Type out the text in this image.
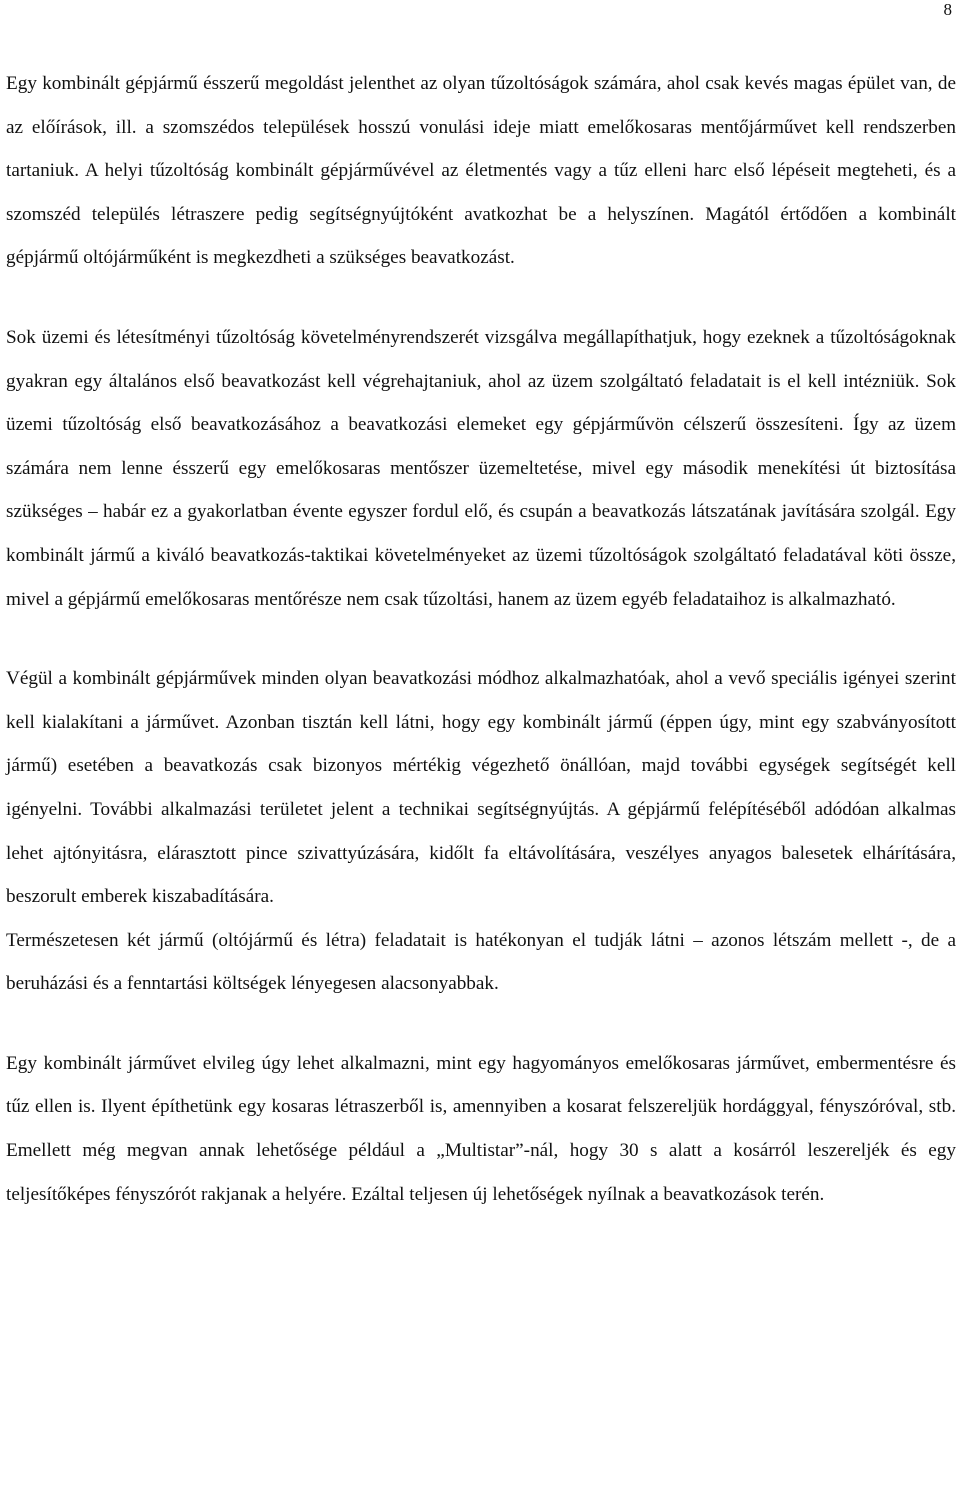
8

Egy kombinált gépjármű ésszerű megoldást jelenthet az olyan tűzoltóságok számára, ahol csak kevés magas épület van, de az előírások, ill. a szomszédos települések hosszú vonulási ideje miatt emelőkosaras mentőjárművet kell rendszerben tartaniuk. A helyi tűzoltóság kombinált gépjárművével az életmentés vagy a tűz elleni harc első lépéseit megteheti, és a szomszéd település létraszere pedig segítségnyújtóként avatkozhat be a helyszínen. Magától értődően a kombinált gépjármű oltójárműként is megkezdheti a szükséges beavatkozást.

Sok üzemi és létesítményi tűzoltóság követelményrendszerét vizsgálva megállapíthatjuk, hogy ezeknek a tűzoltóságoknak gyakran egy általános első beavatkozást kell végrehajtaniuk, ahol az üzem szolgáltató feladatait is el kell intézniük. Sok üzemi tűzoltóság első beavatkozásához a beavatkozási elemeket egy gépjárművön célszerű összesíteni. Így az üzem számára nem lenne ésszerű egy emelőkosaras mentőszer üzemeltetése, mivel egy második menekítési út biztosítása szükséges – habár ez a gyakorlatban évente egyszer fordul elő, és csupán a beavatkozás látszatának javítására szolgál. Egy kombinált jármű a kiváló beavatkozás-taktikai követelményeket az üzemi tűzoltóságok szolgáltató feladatával köti össze, mivel a gépjármű emelőkosaras mentőrésze nem csak tűzoltási, hanem az üzem egyéb feladataihoz is alkalmazható.

Végül a kombinált gépjárművek minden olyan beavatkozási módhoz alkalmazhatóak, ahol a vevő speciális igényei szerint kell kialakítani a járművet. Azonban tisztán kell látni, hogy egy kombinált jármű (éppen úgy, mint egy szabványosított jármű) esetében a beavatkozás csak bizonyos mértékig végezhető önállóan, majd további egységek segítségét kell igényelni. További alkalmazási területet jelent a technikai segítségnyújtás. A gépjármű felépítéséből adódóan alkalmas lehet ajtónyitásra, elárasztott pince szivattyúzására, kidőlt fa eltávolítására, veszélyes anyagos balesetek elhárítására, beszorult emberek kiszabadítására.

Természetesen két jármű (oltójármű és létra) feladatait is hatékonyan el tudják látni – azonos létszám mellett -, de a beruházási és a fenntartási költségek lényegesen alacsonyabbak.

Egy kombinált járművet elvileg úgy lehet alkalmazni, mint egy hagyományos emelőkosaras járművet, embermentésre és tűz ellen is. Ilyent építhetünk egy kosaras létraszerből is, amennyiben a kosarat felszereljük hordággyal, fényszóróval, stb. Emellett még megvan annak lehetősége például a „Multistar”-nál, hogy 30 s alatt a kosárról leszereljék és egy teljesítőképes fényszórót rakjanak a helyére. Ezáltal teljesen új lehetőségek nyílnak a beavatkozások terén.
